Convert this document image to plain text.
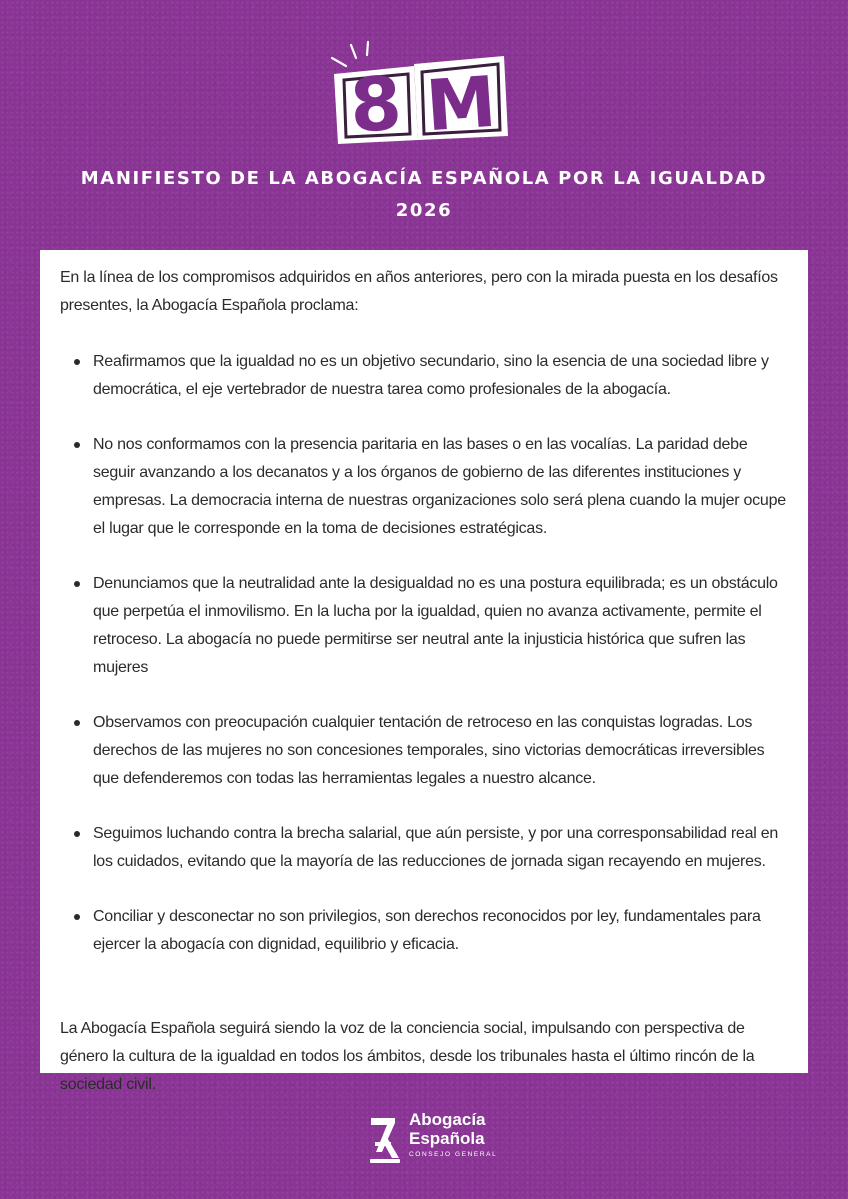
8 M

MANIFIESTO DE LA ABOGACÍA ESPAÑOLA POR LA IGUALDAD

2026

En la línea de los compromisos adquiridos en años anteriores, pero con la mirada puesta en los desafíos presentes, la Abogacía Española proclama:

Reafirmamos que la igualdad no es un objetivo secundario, sino la esencia de una sociedad libre y democrática, el eje vertebrador de nuestra tarea como profesionales de la abogacía.
No nos conformamos con la presencia paritaria en las bases o en las vocalías. La paridad debe seguir avanzando a los decanatos y a los órganos de gobierno de las diferentes instituciones y empresas. La democracia interna de nuestras organizaciones solo será plena cuando la mujer ocupe el lugar que le corresponde en la toma de decisiones estratégicas.
Denunciamos que la neutralidad ante la desigualdad no es una postura equilibrada; es un obstáculo que perpetúa el inmovilismo. En la lucha por la igualdad, quien no avanza activamente, permite el retroceso. La abogacía no puede permitirse ser neutral ante la injusticia histórica que sufren las mujeres
Observamos con preocupación cualquier tentación de retroceso en las conquistas logradas. Los derechos de las mujeres no son concesiones temporales, sino victorias democráticas irreversibles que defenderemos con todas las herramientas legales a nuestro alcance.
Seguimos luchando contra la brecha salarial, que aún persiste, y por una corresponsabilidad real en los cuidados, evitando que la mayoría de las reducciones de jornada sigan recayendo en mujeres.
Conciliar y desconectar no son privilegios, son derechos reconocidos por ley, fundamentales para ejercer la abogacía con dignidad, equilibrio y eficacia.

La Abogacía Española seguirá siendo la voz de la conciencia social, impulsando con perspectiva de género la cultura de la igualdad en todos los ámbitos, desde los tribunales hasta el último rincón de la sociedad civil.

Abogacía
Española
CONSEJO GENERAL
